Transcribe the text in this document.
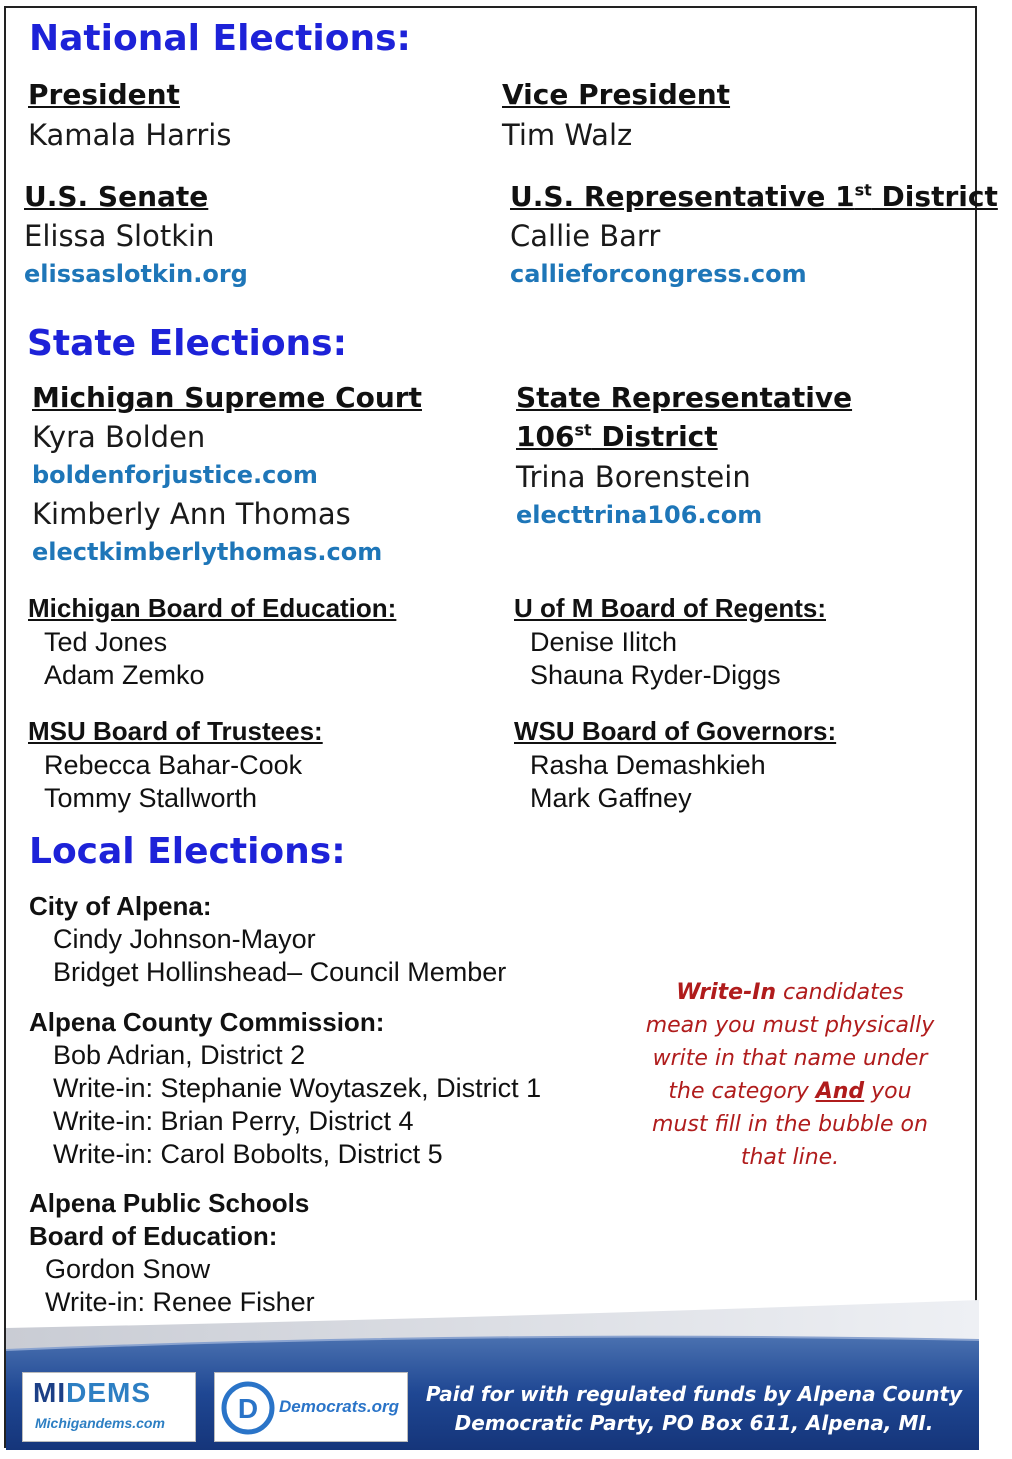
National Elections:
President
Kamala Harris
Vice President
Tim Walz
U.S. Senate
Elissa Slotkin
elissaslotkin.org
U.S. Representative 1st District
Callie Barr
callieforcongress.com
State Elections:
Michigan Supreme Court
Kyra Bolden
boldenforjustice.com
Kimberly Ann Thomas
electkimberlythomas.com
State Representative
106st District
Trina Borenstein
electtrina106.com
Michigan Board of Education:
Ted Jones
Adam Zemko
U of M Board of Regents:
Denise Ilitch
Shauna Ryder-Diggs
MSU Board of Trustees:
Rebecca Bahar-Cook
Tommy Stallworth
WSU Board of Governors:
Rasha Demashkieh
Mark Gaffney
Local Elections:
City of Alpena:
Cindy Johnson-Mayor
Bridget Hollinshead– Council Member
Alpena County Commission:
Bob Adrian, District 2
Write-in: Stephanie Woytaszek, District 1
Write-in: Brian Perry, District 4
Write-in: Carol Bobolts, District 5
Alpena Public Schools
Board of Education:
Gordon Snow
Write-in: Renee Fisher
Write-In candidates
mean you must physically
write in that name under
the category And you
must fill in the bubble on
that line.
MIDEMS
Michigandems.com	D Democrats.org
Paid for with regulated funds by Alpena County
Democratic Party, PO Box 611, Alpena, MI.
